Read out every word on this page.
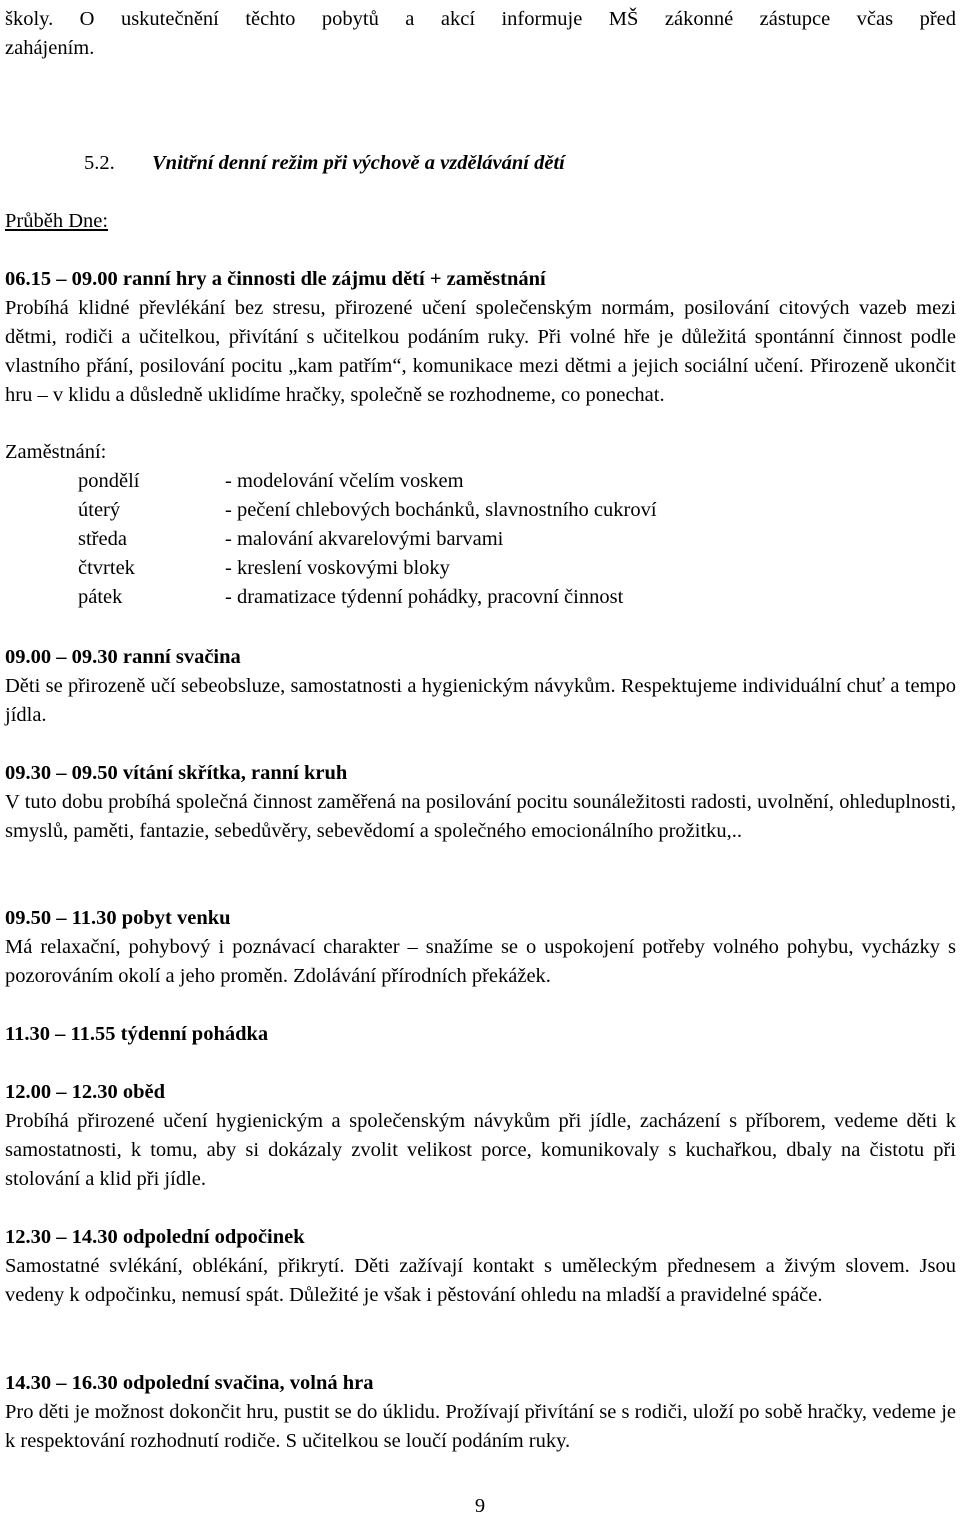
školy. O uskutečnění těchto pobytů a akcí informuje MŠ zákonné zástupce včas před

zahájením.

5.2. Vnitřní denní režim při výchově a vzdělávání dětí

Průběh Dne:

06.15 – 09.00 ranní hry a činnosti dle zájmu dětí + zaměstnání

Probíhá klidné převlékání bez stresu, přirozené učení společenským normám, posilování citových vazeb mezi dětmi, rodiči a učitelkou, přivítání s učitelkou podáním ruky. Při volné hře je důležitá spontánní činnost podle vlastního přání, posilování pocitu „kam patřím“, komunikace mezi dětmi a jejich sociální učení. Přirozeně ukončit hru – v klidu a důsledně uklidíme hračky, společně se rozhodneme, co ponechat.

Zaměstnání:

pondělí	- modelování včelím voskem
úterý	- pečení chlebových bochánků, slavnostního cukroví
středa	- malování akvarelovými barvami
čtvrtek	- kreslení voskovými bloky
pátek	- dramatizace týdenní pohádky, pracovní činnost

09.00 – 09.30 ranní svačina

Děti se přirozeně učí sebeobsluze, samostatnosti a hygienickým návykům. Respektujeme individuální chuť a tempo jídla.

09.30 – 09.50 vítání skřítka, ranní kruh

V tuto dobu probíhá společná činnost zaměřená na posilování pocitu sounáležitosti radosti, uvolnění, ohleduplnosti, smyslů, paměti, fantazie, sebedůvěry, sebevědomí a společného emocionálního prožitku,..

09.50 – 11.30 pobyt venku

Má relaxační, pohybový i poznávací charakter – snažíme se o uspokojení potřeby volného pohybu, vycházky s pozorováním okolí a jeho proměn. Zdolávání přírodních překážek.

11.30 – 11.55 týdenní pohádka

12.00 – 12.30 oběd

Probíhá přirozené učení hygienickým a společenským návykům při jídle, zacházení s příborem, vedeme děti k samostatnosti, k tomu, aby si dokázaly zvolit velikost porce, komunikovaly s kuchařkou, dbaly na čistotu při stolování a klid při jídle.

12.30 – 14.30 odpolední odpočinek

Samostatné svlékání, oblékání, přikrytí. Děti zažívají kontakt s uměleckým přednesem a živým slovem. Jsou vedeny k odpočinku, nemusí spát. Důležité je však i pěstování ohledu na mladší a pravidelné spáče.

14.30 – 16.30 odpolední svačina, volná hra

Pro děti je možnost dokončit hru, pustit se do úklidu. Prožívají přivítání se s rodiči, uloží po sobě hračky, vedeme je k respektování rozhodnutí rodiče. S učitelkou se loučí podáním ruky.

9
